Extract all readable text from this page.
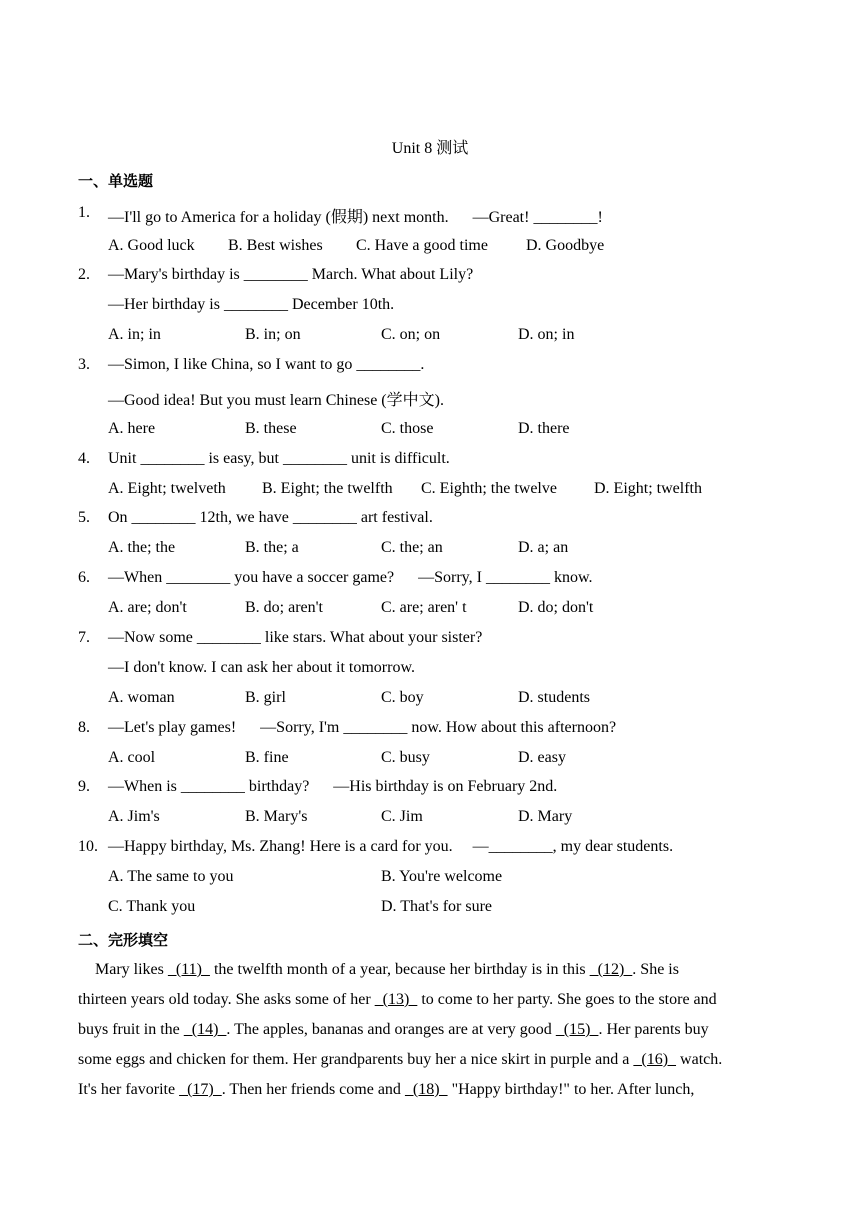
Unit 8 测试
一、单选题
1. —I'll go to America for a holiday (假期) next month.      —Great! ________!
A. Good luck B. Best wishes C. Have a good time D. Goodbye
2. —Mary's birthday is ________ March. What about Lily?
—Her birthday is ________ December 10th.
A. in; in	B. in; on	C. on; on	D. on; in
3. —Simon, I like China, so I want to go ________.
—Good idea! But you must learn Chinese (学中文).
A. here	B. these	C. those	D. there
4. Unit ________ is easy, but ________ unit is difficult.
A. Eight; twelveth B. Eight; the twelfth C. Eighth; the twelve D. Eight; twelfth
5. On ________ 12th, we have ________ art festival.
A. the; the	B. the; a	C. the; an	D. a; an
6. —When ________ you have a soccer game?      —Sorry, I ________ know.
A. are; don't	B. do; aren't	C. are; aren' t	D. do; don't
7. —Now some ________ like stars. What about your sister?
—I don't know. I can ask her about it tomorrow.
A. woman	B. girl	C. boy	D. students
8. —Let's play games!      —Sorry, I'm ________ now. How about this afternoon?
A. cool	B. fine	C. busy	D. easy
9. —When is ________ birthday?      —His birthday is on February 2nd.
A. Jim's	B. Mary's	C. Jim	D. Mary
10. —Happy birthday, Ms. Zhang! Here is a card for you.     —________, my dear students.
A. The same to you	B. You're welcome
C. Thank you	D. That's for sure
二、完形填空
Mary likes   (11)   the twelfth month of a year, because her birthday is in this   (12)  . She is
thirteen years old today. She asks some of her   (13)   to come to her party. She goes to the store and
buys fruit in the   (14)  . The apples, bananas and oranges are at very good   (15)  . Her parents buy
some eggs and chicken for them. Her grandparents buy her a nice skirt in purple and a   (16)   watch.
It's her favorite   (17)  . Then her friends come and   (18)   "Happy birthday!" to her. After lunch,
